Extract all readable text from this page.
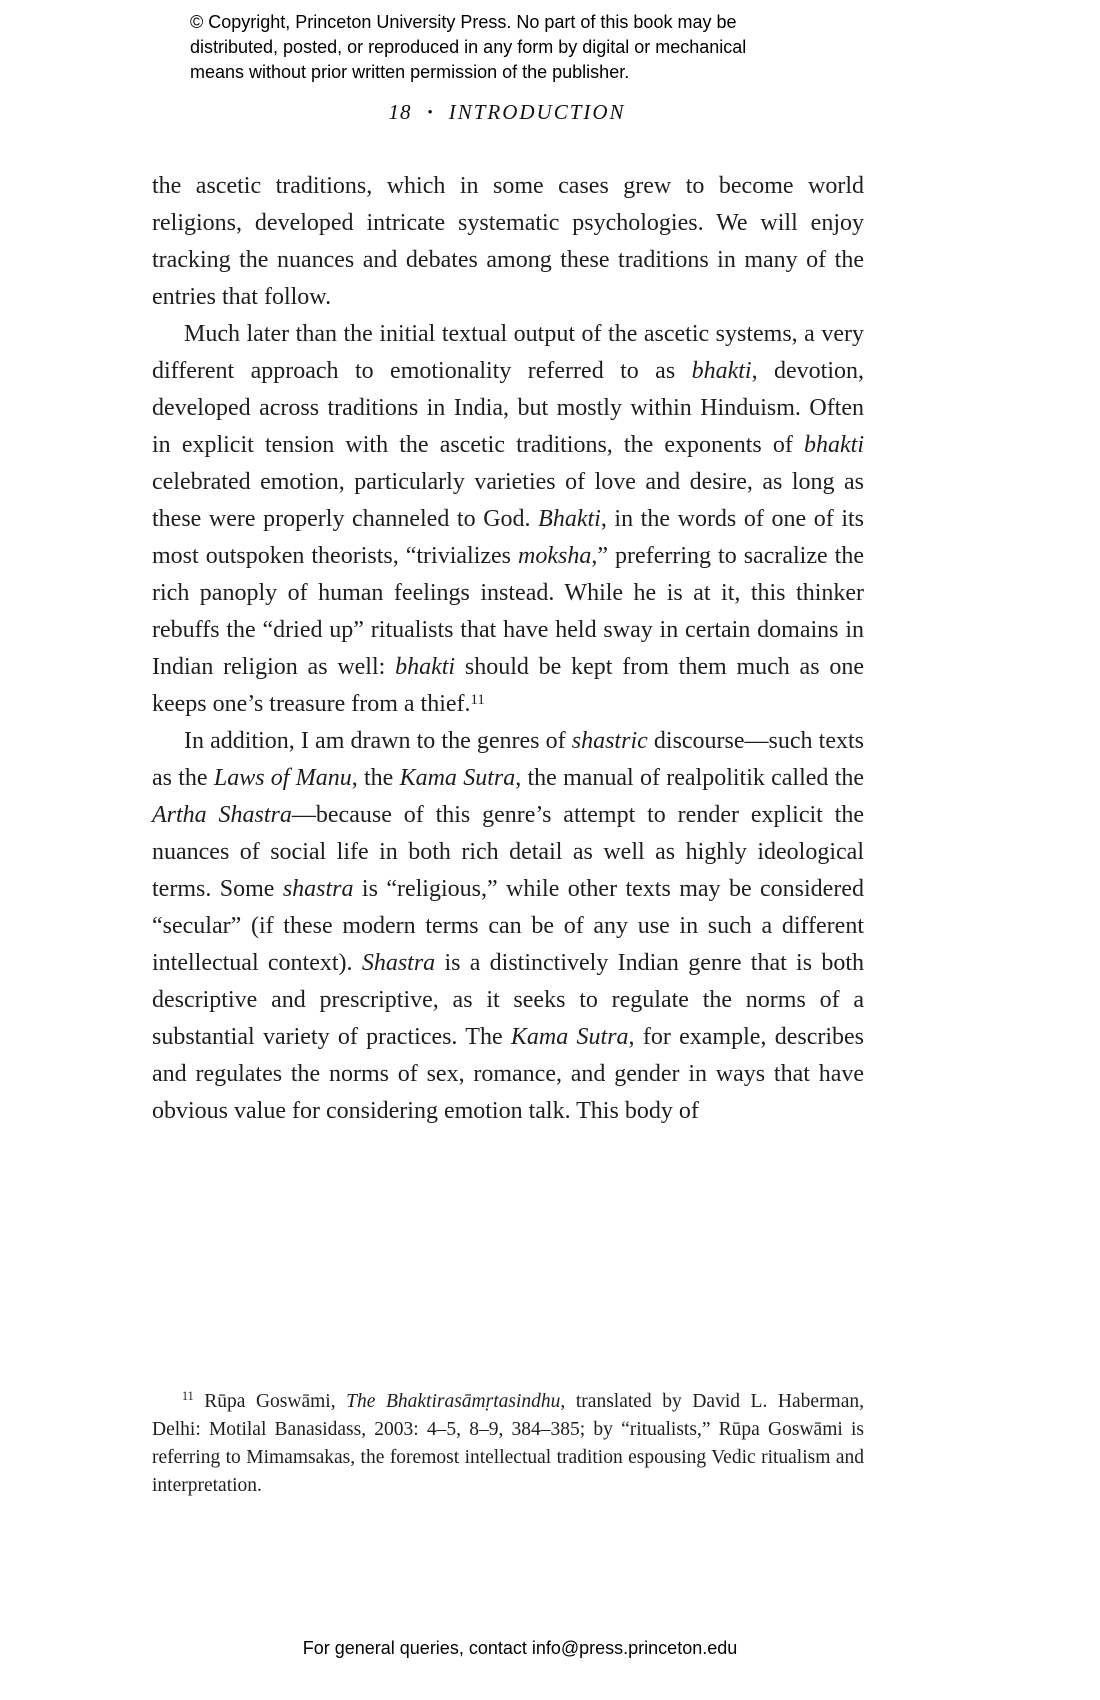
© Copyright, Princeton University Press. No part of this book may be
distributed, posted, or reproduced in any form by digital or mechanical
means without prior written permission of the publisher.
18 • INTRODUCTION

the ascetic traditions, which in some cases grew to become world religions, developed intricate systematic psychologies. We will enjoy tracking the nuances and debates among these traditions in many of the entries that follow.

Much later than the initial textual output of the ascetic systems, a very different approach to emotionality referred to as bhakti, devotion, developed across traditions in India, but mostly within Hinduism. Often in explicit tension with the ascetic traditions, the exponents of bhakti celebrated emotion, particularly varieties of love and desire, as long as these were properly channeled to God. Bhakti, in the words of one of its most outspoken theorists, “trivializes moksha,” preferring to sacralize the rich panoply of human feelings instead. While he is at it, this thinker rebuffs the “dried up” ritualists that have held sway in certain domains in Indian religion as well: bhakti should be kept from them much as one keeps one’s treasure from a thief.$^{11}$

In addition, I am drawn to the genres of shastric discourse—such texts as the Laws of Manu, the Kama Sutra, the manual of realpolitik called the Artha Shastra—because of this genre’s attempt to render explicit the nuances of social life in both rich detail as well as highly ideological terms. Some shastra is “religious,” while other texts may be considered “secular” (if these modern terms can be of any use in such a different intellectual context). Shastra is a distinctively Indian genre that is both descriptive and prescriptive, as it seeks to regulate the norms of a substantial variety of practices. The Kama Sutra, for example, describes and regulates the norms of sex, romance, and gender in ways that have obvious value for considering emotion talk. This body of

$^{11}$ Rūpa Goswāmi, The Bhaktirasāmṛtasindhu, translated by David L. Haberman, Delhi: Motilal Banasidass, 2003: 4–5, 8–9, 384–385; by “ritualists,” Rūpa Goswāmi is referring to Mimamsakas, the foremost intellectual tradition espousing Vedic ritualism and interpretation.

For general queries, contact info@press.princeton.edu
